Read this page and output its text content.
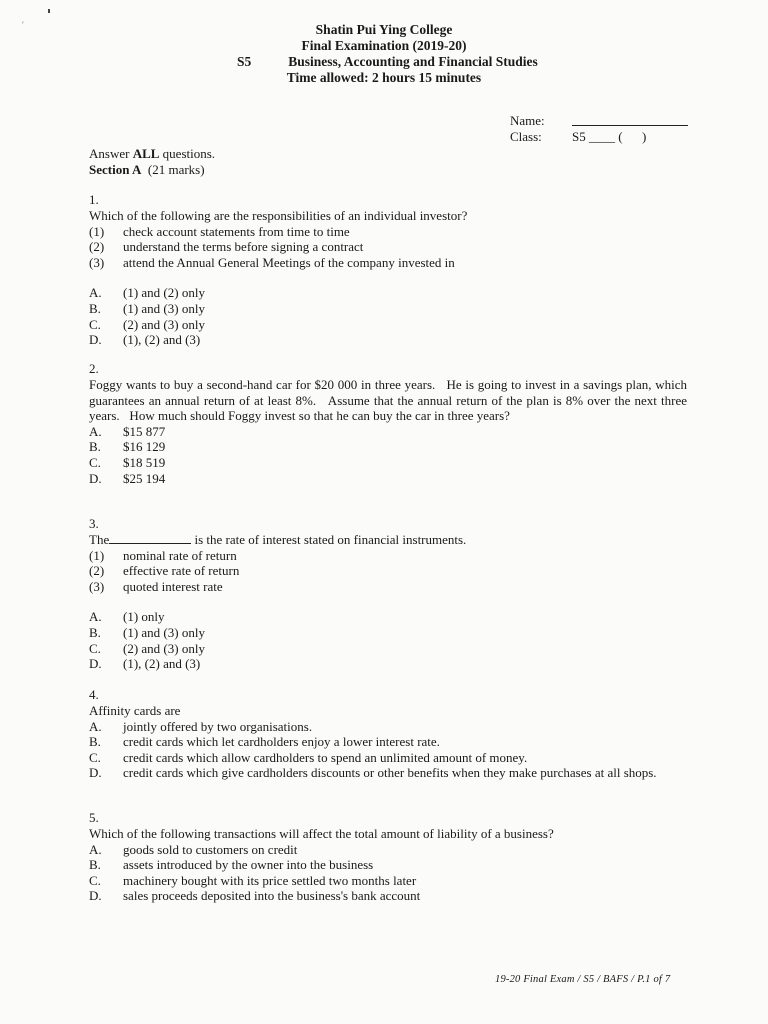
′	Shatin Pui Ying College
Final Examination (2019-20)
S5	Business, Accounting and Financial Studies
Time allowed: 2 hours 15 minutes
Name:
Class:	S5 ____ (      )
Answer ALL questions.
Section A (21 marks)
1.
Which of the following are the responsibilities of an individual investor?
(1)	check account statements from time to time
(2)	understand the terms before signing a contract
(3)	attend the Annual General Meetings of the company invested in
A.	(1) and (2) only
B.	(1) and (3) only
C.	(2) and (3) only
D.	(1), (2) and (3)
2.
Foggy wants to buy a second-hand car for $20 000 in three years.   He is going to invest in a savings plan, which guarantees an annual return of at least 8%.   Assume that the annual return of the plan is 8% over the next three years.   How much should Foggy invest so that he can buy the car in three years?
A.	$15 877
B.	$16 129
C.	$18 519
D.	$25 194
3.
The	is the rate of interest stated on financial instruments.
(1)	nominal rate of return
(2)	effective rate of return
(3)	quoted interest rate
A.	(1) only
B.	(1) and (3) only
C.	(2) and (3) only
D.	(1), (2) and (3)
4.
Affinity cards are
A.	jointly offered by two organisations.
B.	credit cards which let cardholders enjoy a lower interest rate.
C.	credit cards which allow cardholders to spend an unlimited amount of money.
D.	credit cards which give cardholders discounts or other benefits when they make purchases at all shops.
5.
Which of the following transactions will affect the total amount of liability of a business?
A.	goods sold to customers on credit
B.	assets introduced by the owner into the business
C.	machinery bought with its price settled two months later
D.	sales proceeds deposited into the business's bank account
19-20 Final Exam / S5 / BAFS / P.1 of 7
